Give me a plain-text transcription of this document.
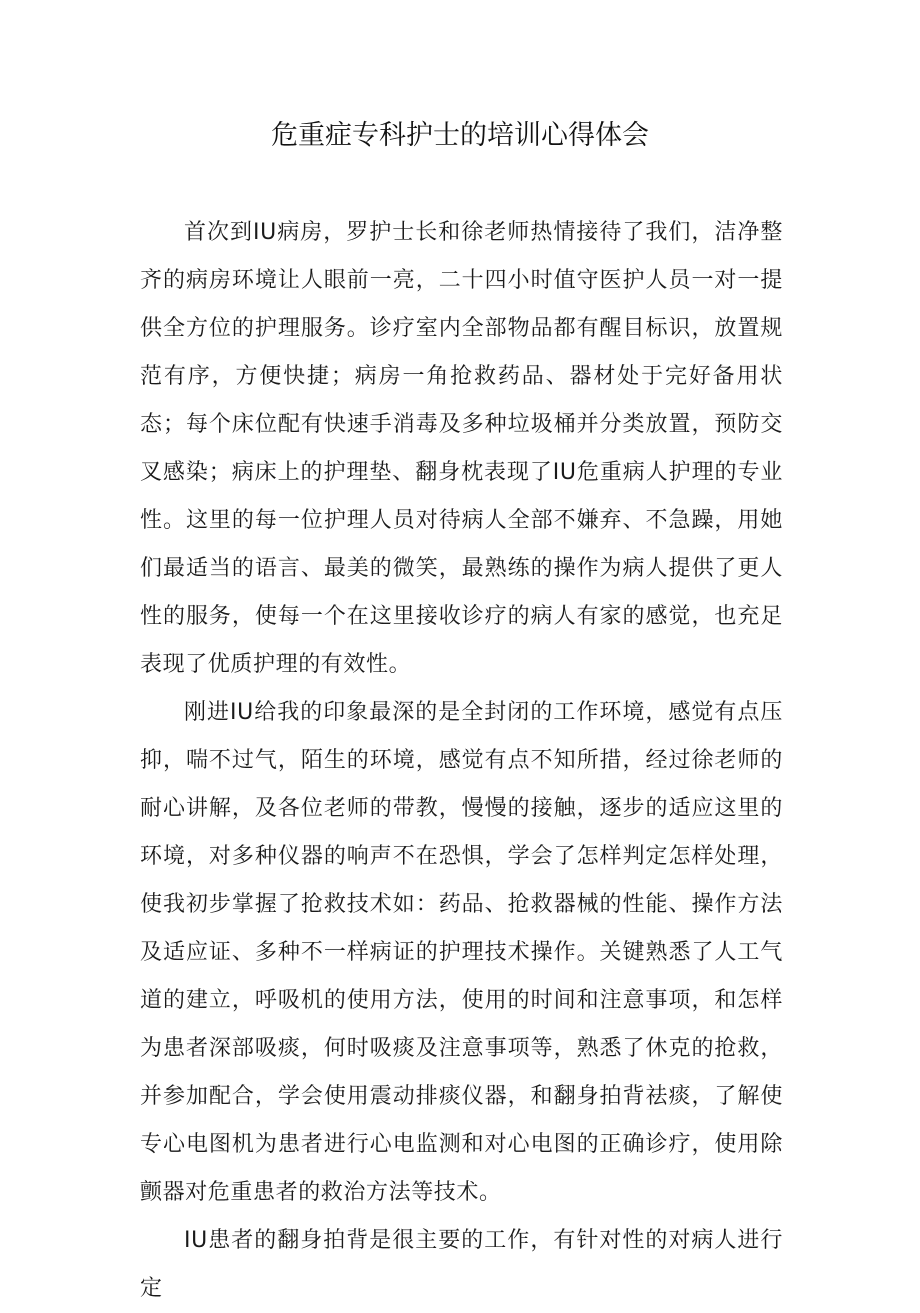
危重症专科护士的培训心得体会

首次到IU病房，罗护士长和徐老师热情接待了我们，洁净整齐的病房环境让人眼前一亮，二十四小时值守医护人员一对一提供全方位的护理服务。诊疗室内全部物品都有醒目标识，放置规范有序，方便快捷；病房一角抢救药品、器材处于完好备用状态；每个床位配有快速手消毒及多种垃圾桶并分类放置，预防交叉感染；病床上的护理垫、翻身枕表现了IU危重病人护理的专业性。这里的每一位护理人员对待病人全部不嫌弃、不急躁，用她们最适当的语言、最美的微笑，最熟练的操作为病人提供了更人性的服务，使每一个在这里接收诊疗的病人有家的感觉，也充足表现了优质护理的有效性。

刚进IU给我的印象最深的是全封闭的工作环境，感觉有点压抑，喘不过气，陌生的环境，感觉有点不知所措，经过徐老师的耐心讲解，及各位老师的带教，慢慢的接触，逐步的适应这里的环境，对多种仪器的响声不在恐惧，学会了怎样判定怎样处理，使我初步掌握了抢救技术如：药品、抢救器械的性能、操作方法及适应证、多种不一样病证的护理技术操作。关键熟悉了人工气道的建立，呼吸机的使用方法，使用的时间和注意事项，和怎样为患者深部吸痰，何时吸痰及注意事项等，熟悉了休克的抢救，并参加配合，学会使用震动排痰仪器，和翻身拍背祛痰，了解使专心电图机为患者进行心电监测和对心电图的正确诊疗，使用除颤器对危重患者的救治方法等技术。

IU患者的翻身拍背是很主要的工作，有针对性的对病人进行定
